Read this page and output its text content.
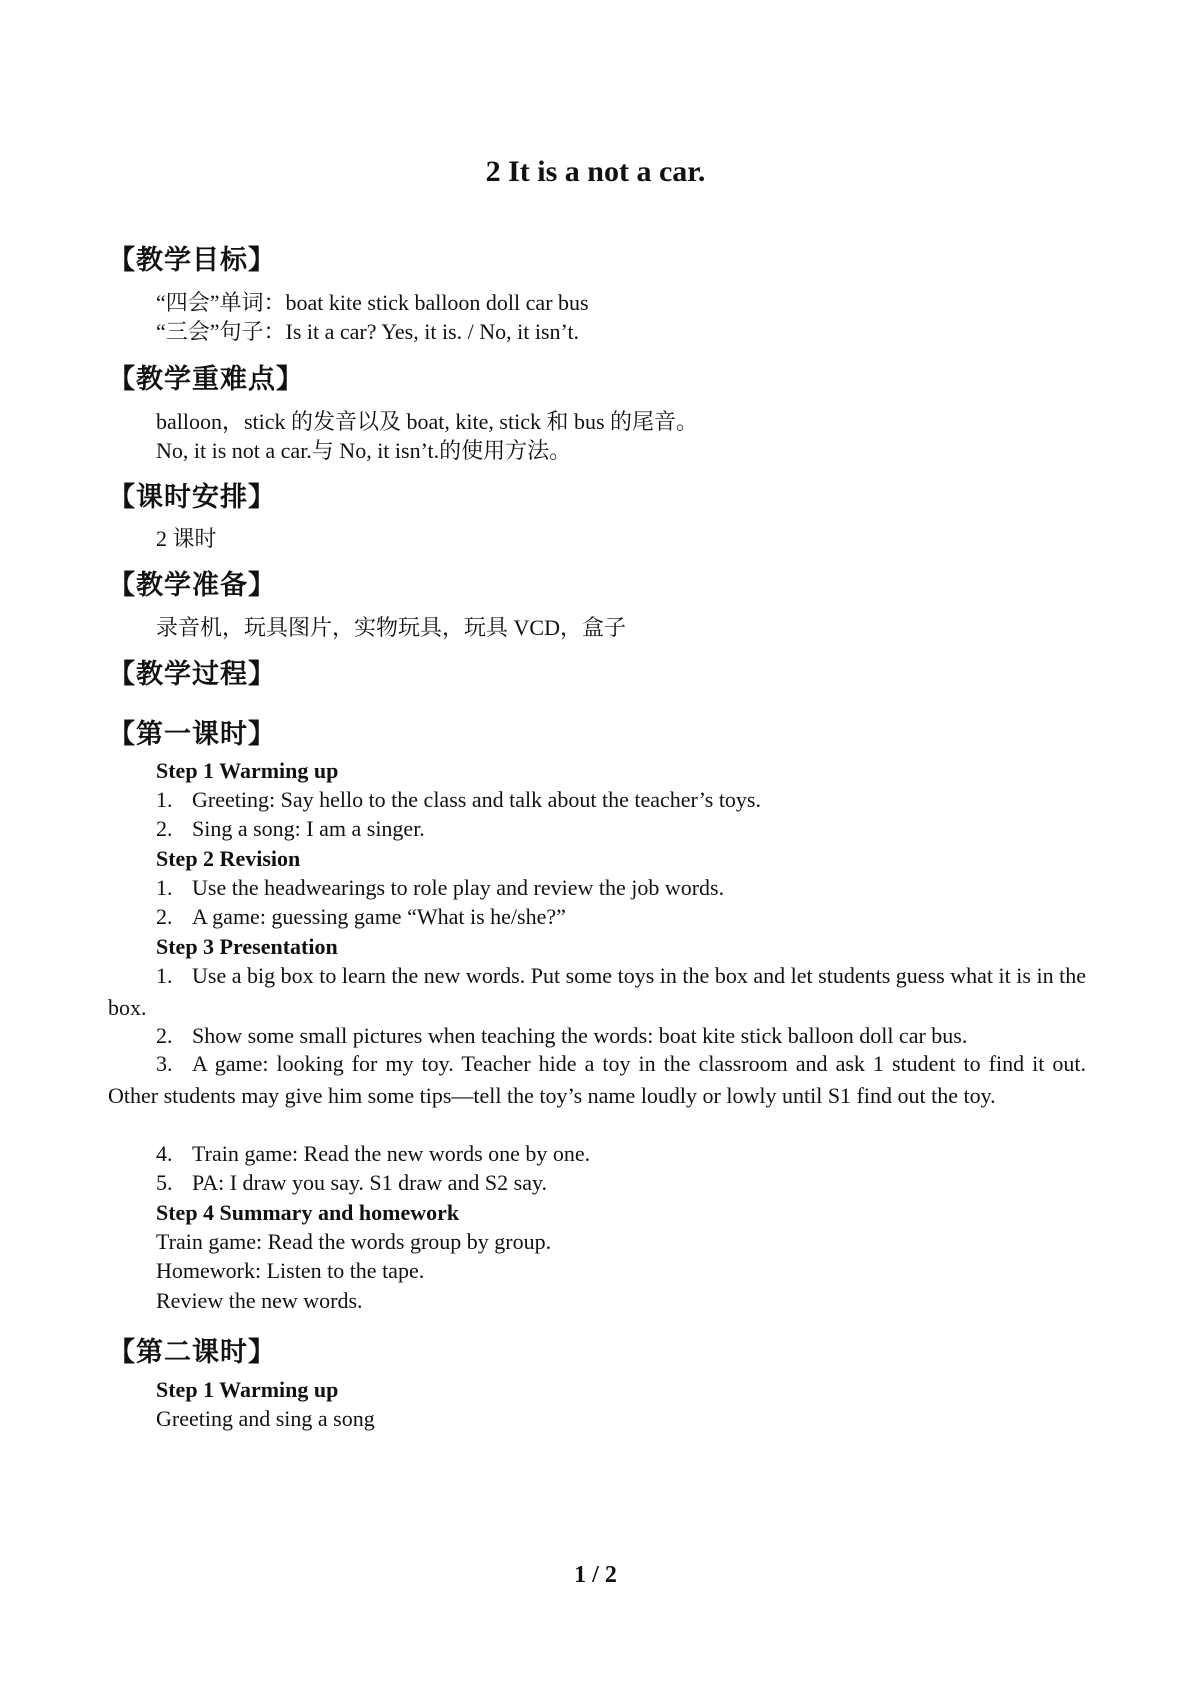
2 It is a not a car.
【教学目标】
“四会”单词：boat kite stick balloon doll car bus
“三会”句子：Is it a car? Yes, it is. / No, it isn’t.
【教学重难点】
balloon，stick 的发音以及 boat, kite, stick 和 bus 的尾音。
No, it is not a car.与 No, it isn’t.的使用方法。
【课时安排】
2 课时
【教学准备】
录音机，玩具图片，实物玩具，玩具 VCD，盒子
【教学过程】
【第一课时】
Step 1 Warming up
1. Greeting: Say hello to the class and talk about the teacher’s toys.
2. Sing a song: I am a singer.
Step 2 Revision
1. Use the headwearings to role play and review the job words.
2. A game: guessing game “What is he/she?”
Step 3 Presentation
1. Use a big box to learn the new words. Put some toys in the box and let students guess what it is in the box.
2. Show some small pictures when teaching the words: boat kite stick balloon doll car bus.
3. A game: looking for my toy. Teacher hide a toy in the classroom and ask 1 student to find it out. Other students may give him some tips—tell the toy’s name loudly or lowly until S1 find out the toy.
4. Train game: Read the new words one by one.
5. PA: I draw you say. S1 draw and S2 say.
Step 4 Summary and homework
Train game: Read the words group by group.
Homework: Listen to the tape.
Review the new words.
【第二课时】
Step 1 Warming up
Greeting and sing a song
1 / 2
